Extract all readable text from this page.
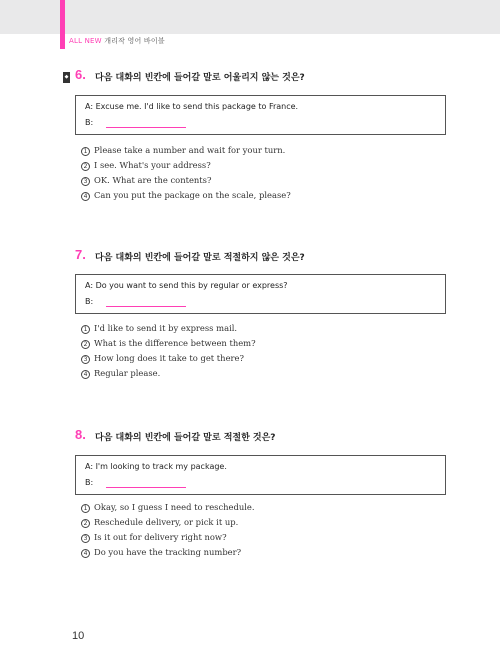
ALL NEW 개리작 영어 바이블
◆ 6. 다음 대화의 빈칸에 들어갈 말로 어울리지 않는 것은?
A: Excuse me. I'd like to send this package to France.
B:
1 Please take a number and wait for your turn.
2 I see. What's your address?
3 OK. What are the contents?
4 Can you put the package on the scale, please?
7. 다음 대화의 빈칸에 들어갈 말로 적절하지 않은 것은?
A: Do you want to send this by regular or express?
B:
1 I'd like to send it by express mail.
2 What is the difference between them?
3 How long does it take to get there?
4 Regular please.
8. 다음 대화의 빈칸에 들어갈 말로 적절한 것은?
A: I'm looking to track my package.
B:
1 Okay, so I guess I need to reschedule.
2 Reschedule delivery, or pick it up.
3 Is it out for delivery right now?
4 Do you have the tracking number?
10
